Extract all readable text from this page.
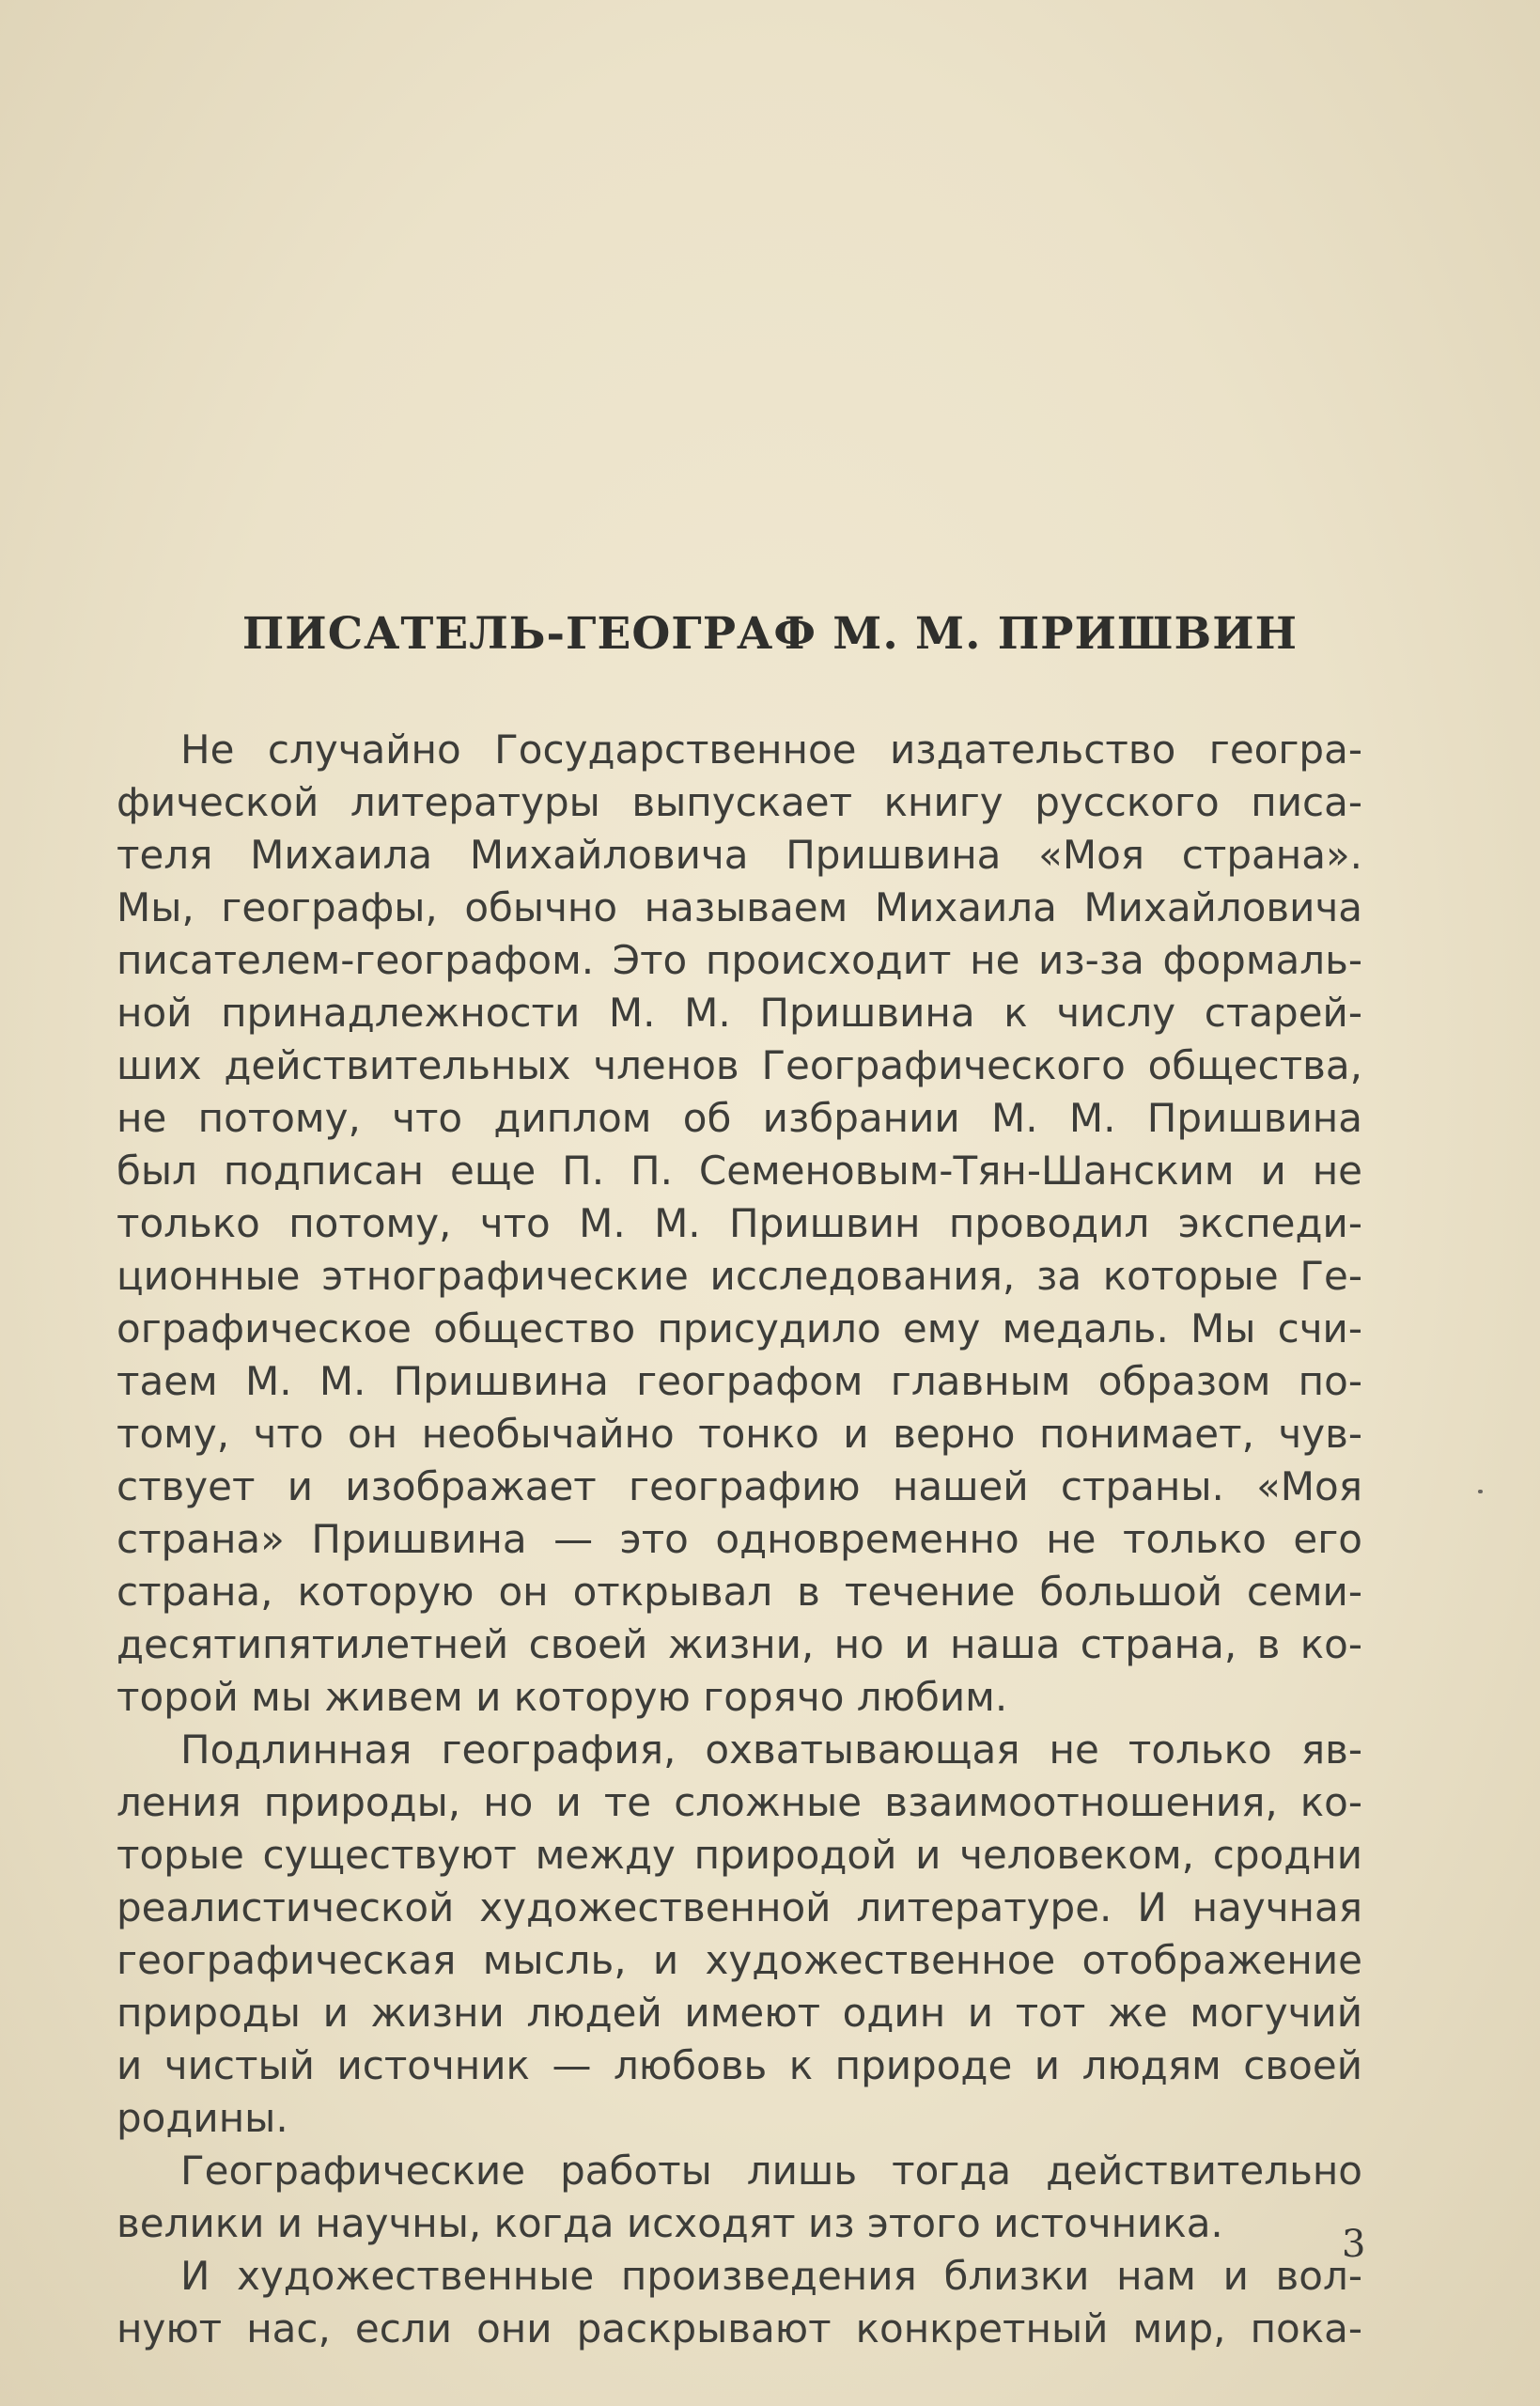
ПИСАТЕЛЬ-ГЕОГРАФ М. М. ПРИШВИН

Не случайно Государственное издательство геогра-
фической литературы выпускает книгу русского писа-
теля Михаила Михайловича Пришвина «Моя страна».
Мы, географы, обычно называем Михаила Михайловича
писателем-географом. Это происходит не из-за формаль-
ной принадлежности М. М. Пришвина к числу старей-
ших действительных членов Географического общества,
не потому, что диплом об избрании М. М. Пришвина
был подписан еще П. П. Семеновым-Тян-Шанским и не
только потому, что М. М. Пришвин проводил экспеди-
ционные этнографические исследования, за которые Ге-
ографическое общество присудило ему медаль. Мы счи-
таем М. М. Пришвина географом главным образом по-
тому, что он необычайно тонко и верно понимает, чув-
ствует и изображает географию нашей страны. «Моя
страна» Пришвина — это одновременно не только его
страна, которую он открывал в течение большой семи-
десятипятилетней своей жизни, но и наша страна, в ко-
торой мы живем и которую горячо любим.

Подлинная география, охватывающая не только яв-
ления природы, но и те сложные взаимоотношения, ко-
торые существуют между природой и человеком, сродни
реалистической художественной литературе. И научная
географическая мысль, и художественное отображение
природы и жизни людей имеют один и тот же могучий
и чистый источник — любовь к природе и людям своей
родины.

Географические работы лишь тогда действительно
велики и научны, когда исходят из этого источника.

И художественные произведения близки нам и вол-
нуют нас, если они раскрывают конкретный мир, пока-

3
